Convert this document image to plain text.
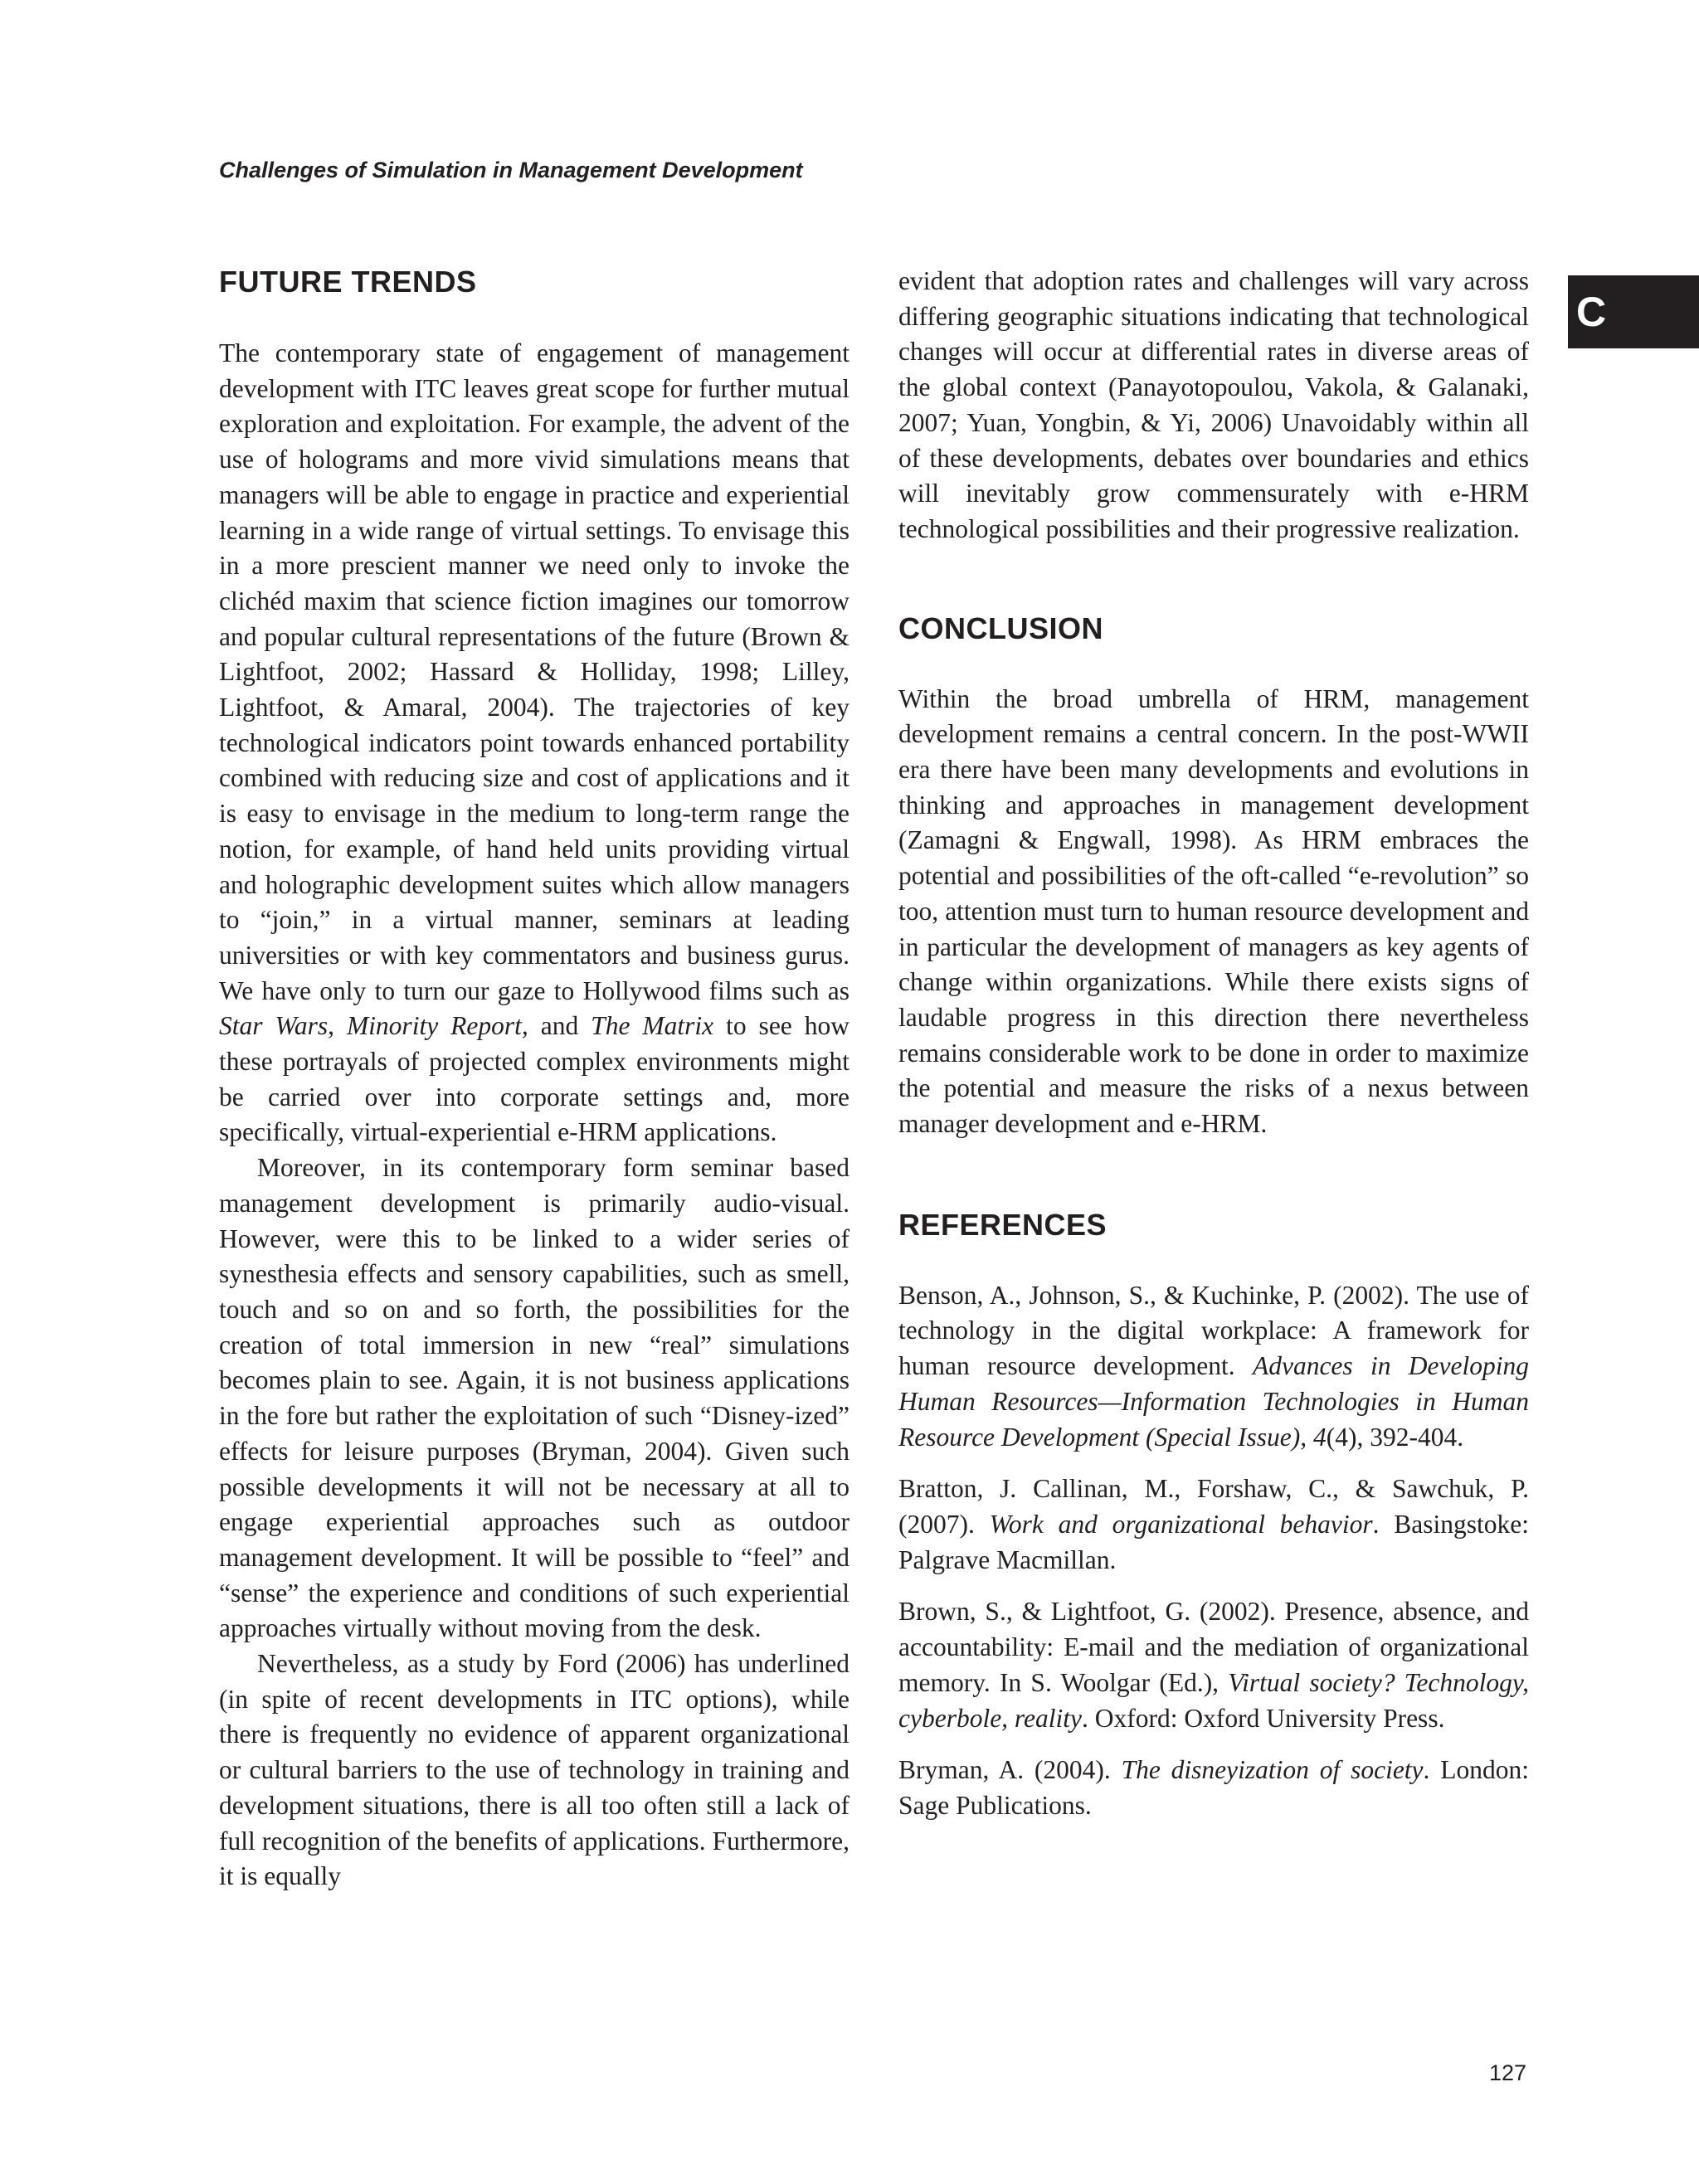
Challenges of Simulation in Management Development
C
FUTURE TRENDS

The contemporary state of engagement of management development with ITC leaves great scope for further mutual exploration and exploitation. For example, the advent of the use of holograms and more vivid simulations means that managers will be able to engage in practice and experiential learning in a wide range of virtual settings. To envisage this in a more prescient manner we need only to invoke the clichéd maxim that science fiction imagines our tomorrow and popular cultural representations of the future (Brown & Lightfoot, 2002; Hassard & Holliday, 1998; Lilley, Lightfoot, & Amaral, 2004). The trajectories of key technological indicators point towards enhanced portability combined with reducing size and cost of applications and it is easy to envisage in the medium to long-term range the notion, for example, of hand held units providing virtual and holographic development suites which allow managers to “join,” in a virtual manner, seminars at leading universities or with key commentators and business gurus. We have only to turn our gaze to Hollywood films such as Star Wars, Minority Report, and The Matrix to see how these portrayals of projected complex environments might be carried over into corporate settings and, more specifically, virtual-experiential e-HRM applications.

Moreover, in its contemporary form seminar based management development is primarily audio-visual. However, were this to be linked to a wider series of synesthesia effects and sensory capabilities, such as smell, touch and so on and so forth, the possibilities for the creation of total immersion in new “real” simulations becomes plain to see. Again, it is not business applications in the fore but rather the exploitation of such “Disney-ized” effects for leisure purposes (Bryman, 2004). Given such possible developments it will not be necessary at all to engage experiential approaches such as outdoor management development. It will be possible to “feel” and “sense” the experience and conditions of such experiential approaches virtually without moving from the desk.

Nevertheless, as a study by Ford (2006) has underlined (in spite of recent developments in ITC options), while there is frequently no evidence of apparent organizational or cultural barriers to the use of technology in training and development situations, there is all too often still a lack of full recognition of the benefits of applications. Furthermore, it is equally

evident that adoption rates and challenges will vary across differing geographic situations indicating that technological changes will occur at differential rates in diverse areas of the global context (Panayotopoulou, Vakola, & Galanaki, 2007; Yuan, Yongbin, & Yi, 2006) Unavoidably within all of these developments, debates over boundaries and ethics will inevitably grow commensurately with e-HRM technological possibilities and their progressive realization.

CONCLUSION

Within the broad umbrella of HRM, management development remains a central concern. In the post-WWII era there have been many developments and evolutions in thinking and approaches in management development (Zamagni & Engwall, 1998). As HRM embraces the potential and possibilities of the oft-called “e-revolution” so too, attention must turn to human resource development and in particular the development of managers as key agents of change within organizations. While there exists signs of laudable progress in this direction there nevertheless remains considerable work to be done in order to maximize the potential and measure the risks of a nexus between manager development and e-HRM.

REFERENCES

Benson, A., Johnson, S., & Kuchinke, P. (2002). The use of technology in the digital workplace: A framework for human resource development. Advances in Developing Human Resources—Information Technologies in Human Resource Development (Special Issue), 4(4), 392-404.

Bratton, J. Callinan, M., Forshaw, C., & Sawchuk, P. (2007). Work and organizational behavior. Basingstoke: Palgrave Macmillan.

Brown, S., & Lightfoot, G. (2002). Presence, absence, and accountability: E-mail and the mediation of organizational memory. In S. Woolgar (Ed.), Virtual society? Technology, cyberbole, reality. Oxford: Oxford University Press.

Bryman, A. (2004). The disneyization of society. London: Sage Publications.

127
